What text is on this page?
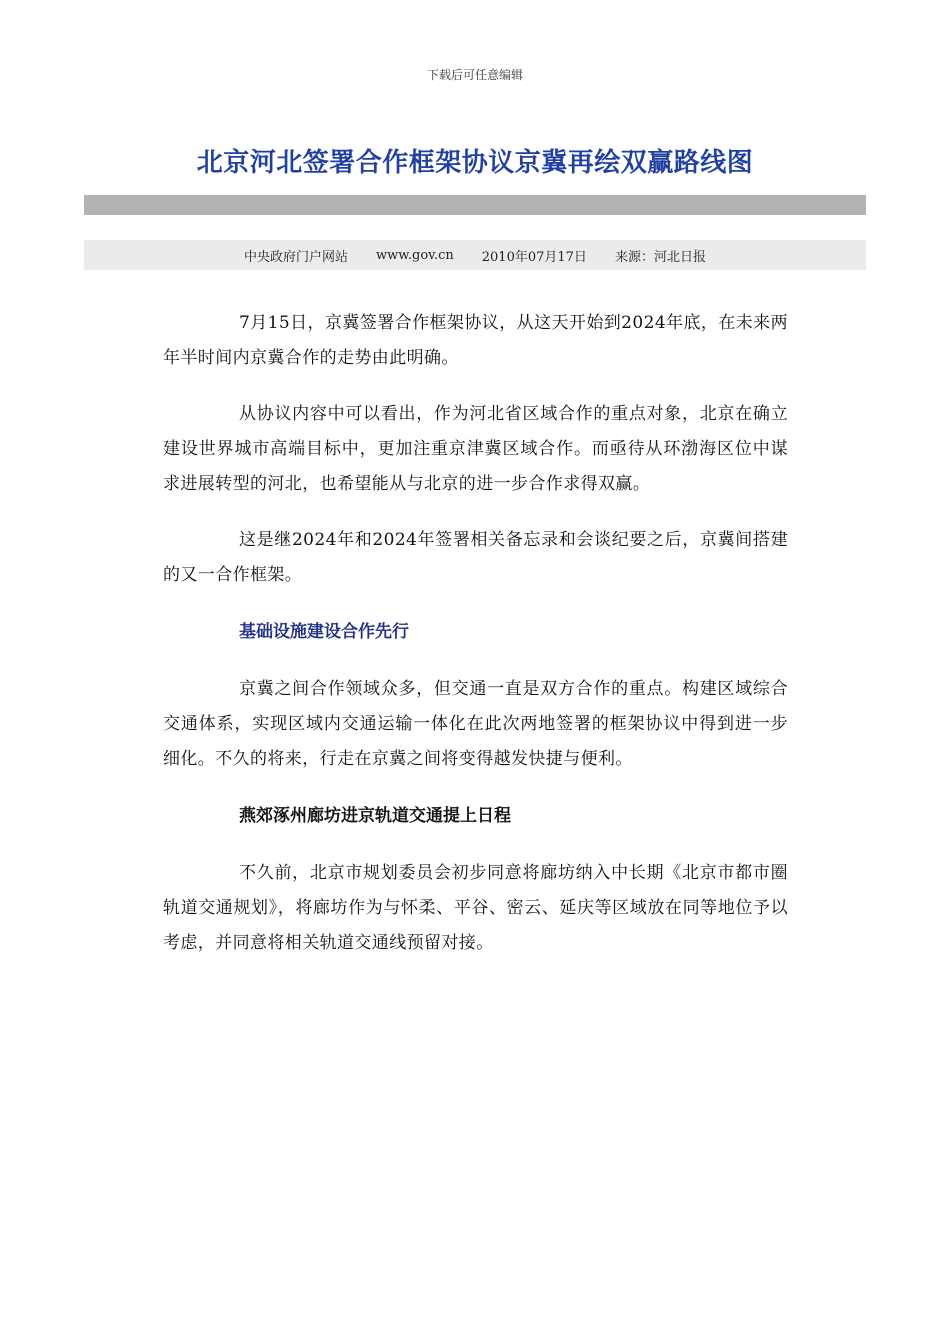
下载后可任意编辑
北京河北签署合作框架协议京冀再绘双赢路线图
中央政府门户网站 www.gov.cn 2010年07月17日 来源：河北日报

7月15日，京冀签署合作框架协议，从这天开始到2024年底，在未来两年半时间内京冀合作的走势由此明确。

从协议内容中可以看出，作为河北省区域合作的重点对象，北京在确立建设世界城市高端目标中，更加注重京津冀区域合作。而亟待从环渤海区位中谋求进展转型的河北，也希望能从与北京的进一步合作求得双赢。

这是继2024年和2024年签署相关备忘录和会谈纪要之后，京冀间搭建的又一合作框架。

基础设施建设合作先行

京冀之间合作领域众多，但交通一直是双方合作的重点。构建区域综合交通体系，实现区域内交通运输一体化在此次两地签署的框架协议中得到进一步细化。不久的将来，行走在京冀之间将变得越发快捷与便利。

燕郊涿州廊坊进京轨道交通提上日程

不久前，北京市规划委员会初步同意将廊坊纳入中长期《北京市都市圈轨道交通规划》，将廊坊作为与怀柔、平谷、密云、延庆等区域放在同等地位予以考虑，并同意将相关轨道交通线预留对接。
